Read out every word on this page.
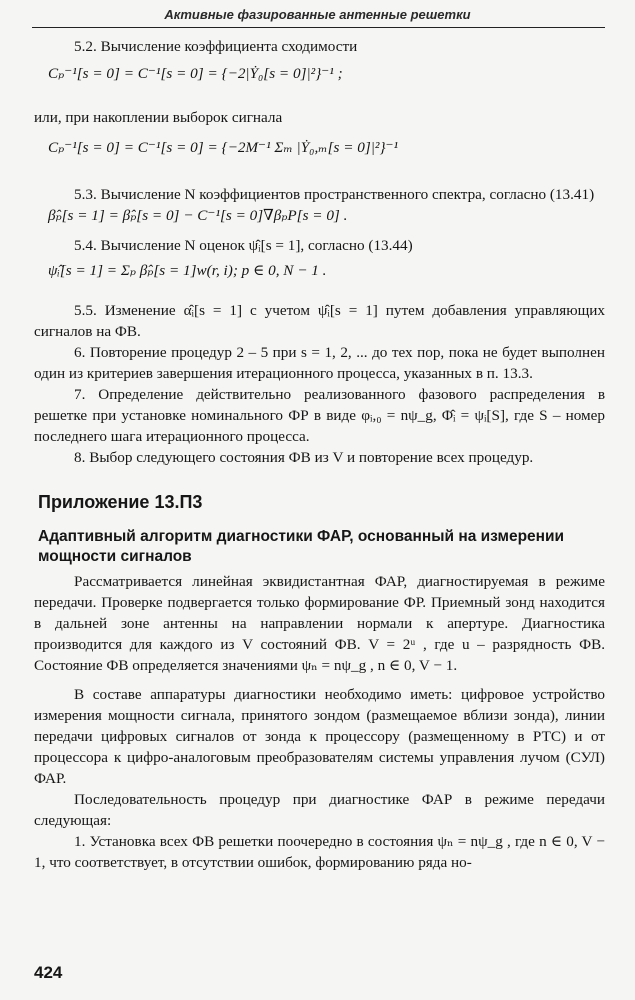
Активные фазированные антенные решетки

5.2. Вычисление коэффициента сходимости

Cₚ⁻¹[s = 0] = C⁻¹[s = 0] = {−2|Ẏ₀[s = 0]|²}⁻¹ ;

или, при накоплении выборок сигнала

Cₚ⁻¹[s = 0] = C⁻¹[s = 0] = {−2M⁻¹ Σₘ |Ẏ₀,ₘ[s = 0]|²}⁻¹

5.3. Вычисление N коэффициентов пространственного спектра, согласно (13.41)

β̂ₚ[s = 1] = β̂ₚ[s = 0] − C⁻¹[s = 0]∇βₚP[s = 0] .

5.4. Вычисление N оценок ψ̂ᵢ[s = 1], согласно (13.44)

ψ̂ᵢ[s = 1] = Σₚ β̂ₚ[s = 1]w(r, i); p ∈ 0, N − 1 .

5.5. Изменение α̂ᵢ[s = 1] с учетом ψ̂ᵢ[s = 1] путем добавления управляющих сигналов на ФВ.

6. Повторение процедур 2 – 5 при s = 1, 2, ... до тех пор, пока не будет выполнен один из критериев завершения итерационного процесса, указанных в п. 13.3.

7. Определение действительно реализованного фазового распределения в решетке при установке номинального ФР в виде φᵢ,₀ = nψ_g, Φ̂ᵢ = ψᵢ[S], где S – номер последнего шага итерационного процесса.

8. Выбор следующего состояния ФВ из V и повторение всех процедур.

Приложение 13.П3
Адаптивный алгоритм диагностики ФАР, основанный на измерении мощности сигналов

Рассматривается линейная эквидистантная ФАР, диагностируемая в режиме передачи. Проверке подвергается только формирование ФР. Приемный зонд находится в дальней зоне антенны на направлении нормали к апертуре. Диагностика производится для каждого из V состояний ФВ. V = 2ᵘ , где u – разрядность ФВ. Состояние ФВ определяется значениями ψₙ = nψ_g , n ∈ 0, V − 1.

В составе аппаратуры диагностики необходимо иметь: цифровое устройство измерения мощности сигнала, принятого зондом (размещаемое вблизи зонда), линии передачи цифровых сигналов от зонда к процессору (размещенному в РТС) и от процессора к цифро-аналоговым преобразователям системы управления лучом (СУЛ) ФАР.

Последовательность процедур при диагностике ФАР в режиме передачи следующая:

1. Установка всех ФВ решетки поочередно в состояния ψₙ = nψ_g , где n ∈ 0, V − 1, что соответствует, в отсутствии ошибок, формированию ряда но-

424
